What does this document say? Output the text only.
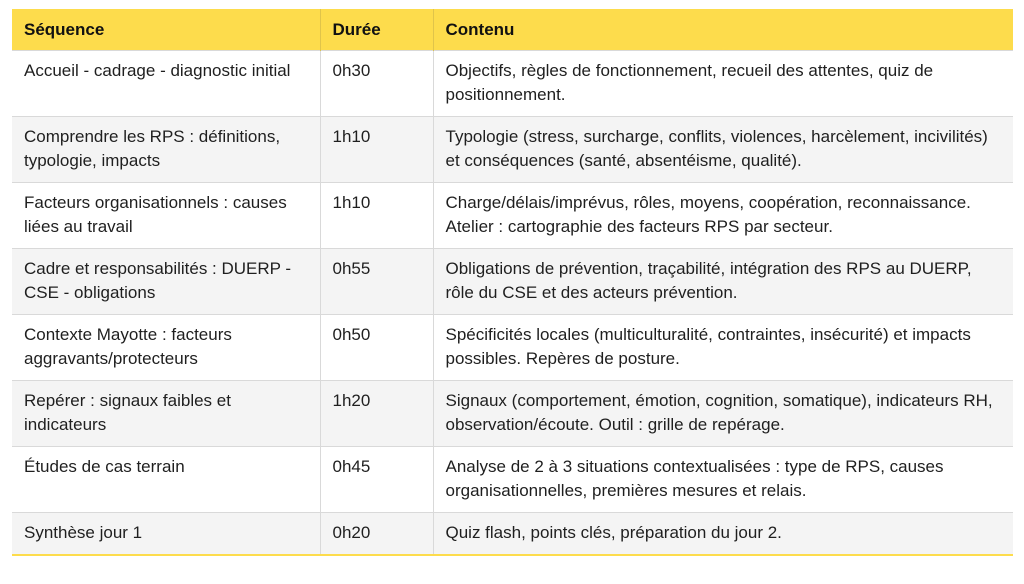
Séquence	Durée	Contenu
Accueil - cadrage - diagnostic initial	0h30	Objectifs, règles de fonctionnement, recueil des attentes, quiz de positionnement.
Comprendre les RPS : définitions, typologie, impacts	1h10	Typologie (stress, surcharge, conflits, violences, harcèlement, incivilités) et conséquences (santé, absentéisme, qualité).
Facteurs organisationnels : causes liées au travail	1h10	Charge/délais/imprévus, rôles, moyens, coopération, reconnaissance. Atelier : cartographie des facteurs RPS par secteur.
Cadre et responsabilités : DUERP - CSE - obligations	0h55	Obligations de prévention, traçabilité, intégration des RPS au DUERP, rôle du CSE et des acteurs prévention.
Contexte Mayotte : facteurs aggravants/protecteurs	0h50	Spécificités locales (multiculturalité, contraintes, insécurité) et impacts possibles. Repères de posture.
Repérer : signaux faibles et indicateurs	1h20	Signaux (comportement, émotion, cognition, somatique), indicateurs RH, observation/écoute. Outil : grille de repérage.
Études de cas terrain	0h45	Analyse de 2 à 3 situations contextualisées : type de RPS, causes organisationnelles, premières mesures et relais.
Synthèse jour 1	0h20	Quiz flash, points clés, préparation du jour 2.
